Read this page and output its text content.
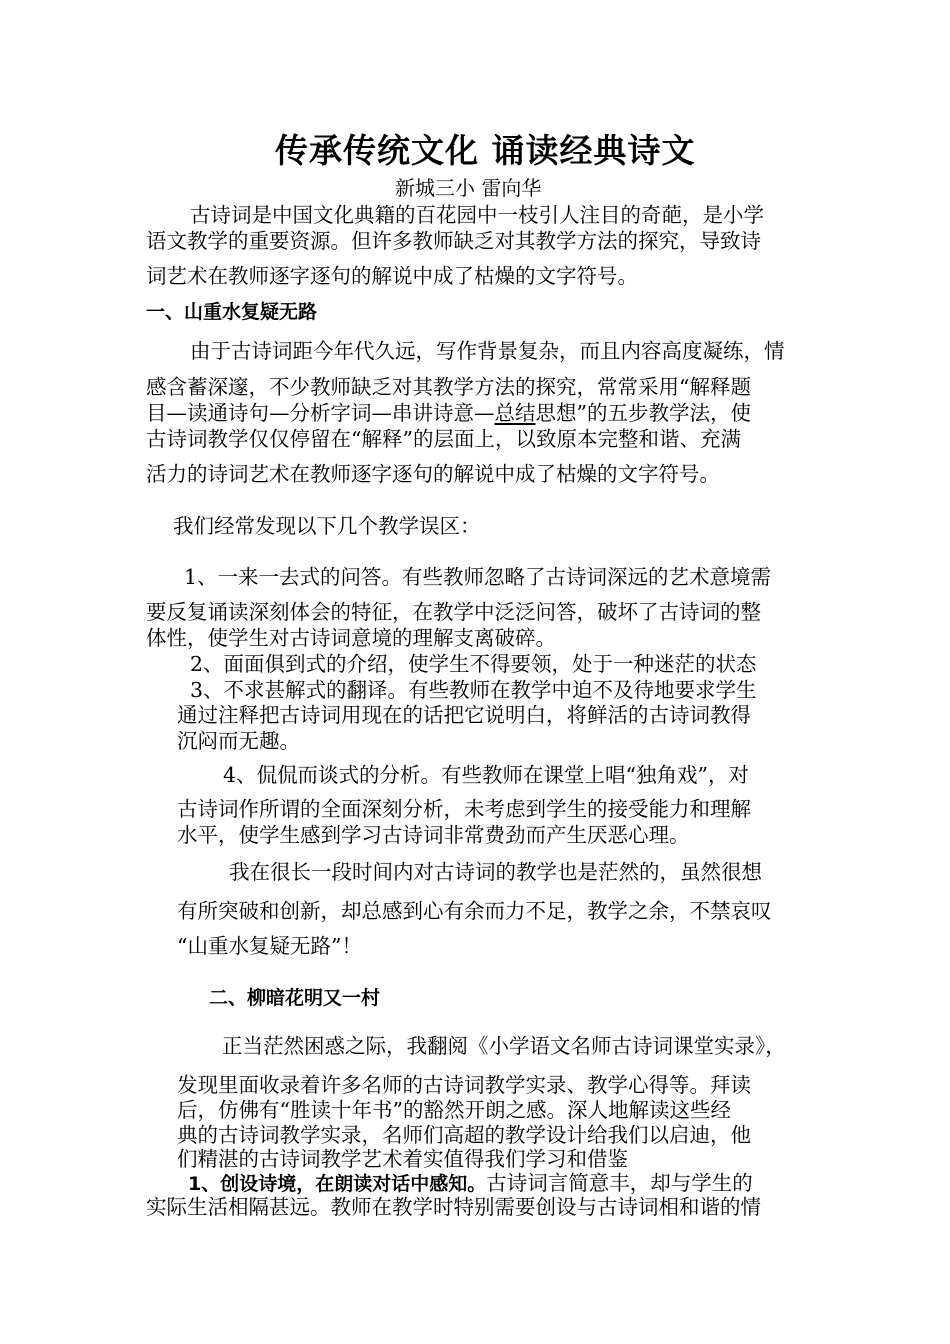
传承传统文化 诵读经典诗文
新城三小 雷向华
古诗词是中国文化典籍的百花园中一枝引人注目的奇葩，是小学
语文教学的重要资源。但许多教师缺乏对其教学方法的探究，导致诗
词艺术在教师逐字逐句的解说中成了枯燥的文字符号。
一、山重水复疑无路
由于古诗词距今年代久远，写作背景复杂，而且内容高度凝练，情
感含蓄深邃，不少教师缺乏对其教学方法的探究，常常采用“解释题
目—读通诗句—分析字词—串讲诗意—总结思想”的五步教学法，使
古诗词教学仅仅停留在“解释”的层面上，以致原本完整和谐、充满
活力的诗词艺术在教师逐字逐句的解说中成了枯燥的文字符号。
我们经常发现以下几个教学误区：
1、一来一去式的问答。有些教师忽略了古诗词深远的艺术意境需
要反复诵读深刻体会的特征，在教学中泛泛问答，破坏了古诗词的整
体性，使学生对古诗词意境的理解支离破碎。
2、面面俱到式的介绍，使学生不得要领，处于一种迷茫的状态
3、不求甚解式的翻译。有些教师在教学中迫不及待地要求学生
通过注释把古诗词用现在的话把它说明白，将鲜活的古诗词教得
沉闷而无趣。
4、侃侃而谈式的分析。有些教师在课堂上唱“独角戏”，对
古诗词作所谓的全面深刻分析，未考虑到学生的接受能力和理解
水平，使学生感到学习古诗词非常费劲而产生厌恶心理。
我在很长一段时间内对古诗词的教学也是茫然的，虽然很想
有所突破和创新，却总感到心有余而力不足，教学之余，不禁哀叹
“山重水复疑无路”！
二、柳暗花明又一村
正当茫然困惑之际，我翻阅《小学语文名师古诗词课堂实录》，
发现里面收录着许多名师的古诗词教学实录、教学心得等。拜读
后，仿佛有“胜读十年书”的豁然开朗之感。深人地解读这些经
典的古诗词教学实录，名师们高超的教学设计给我们以启迪，他
们精湛的古诗词教学艺术着实值得我们学习和借鉴
1、创设诗境，在朗读对话中感知。古诗词言简意丰，却与学生的
实际生活相隔甚远。教师在教学时特别需要创设与古诗词相和谐的情
